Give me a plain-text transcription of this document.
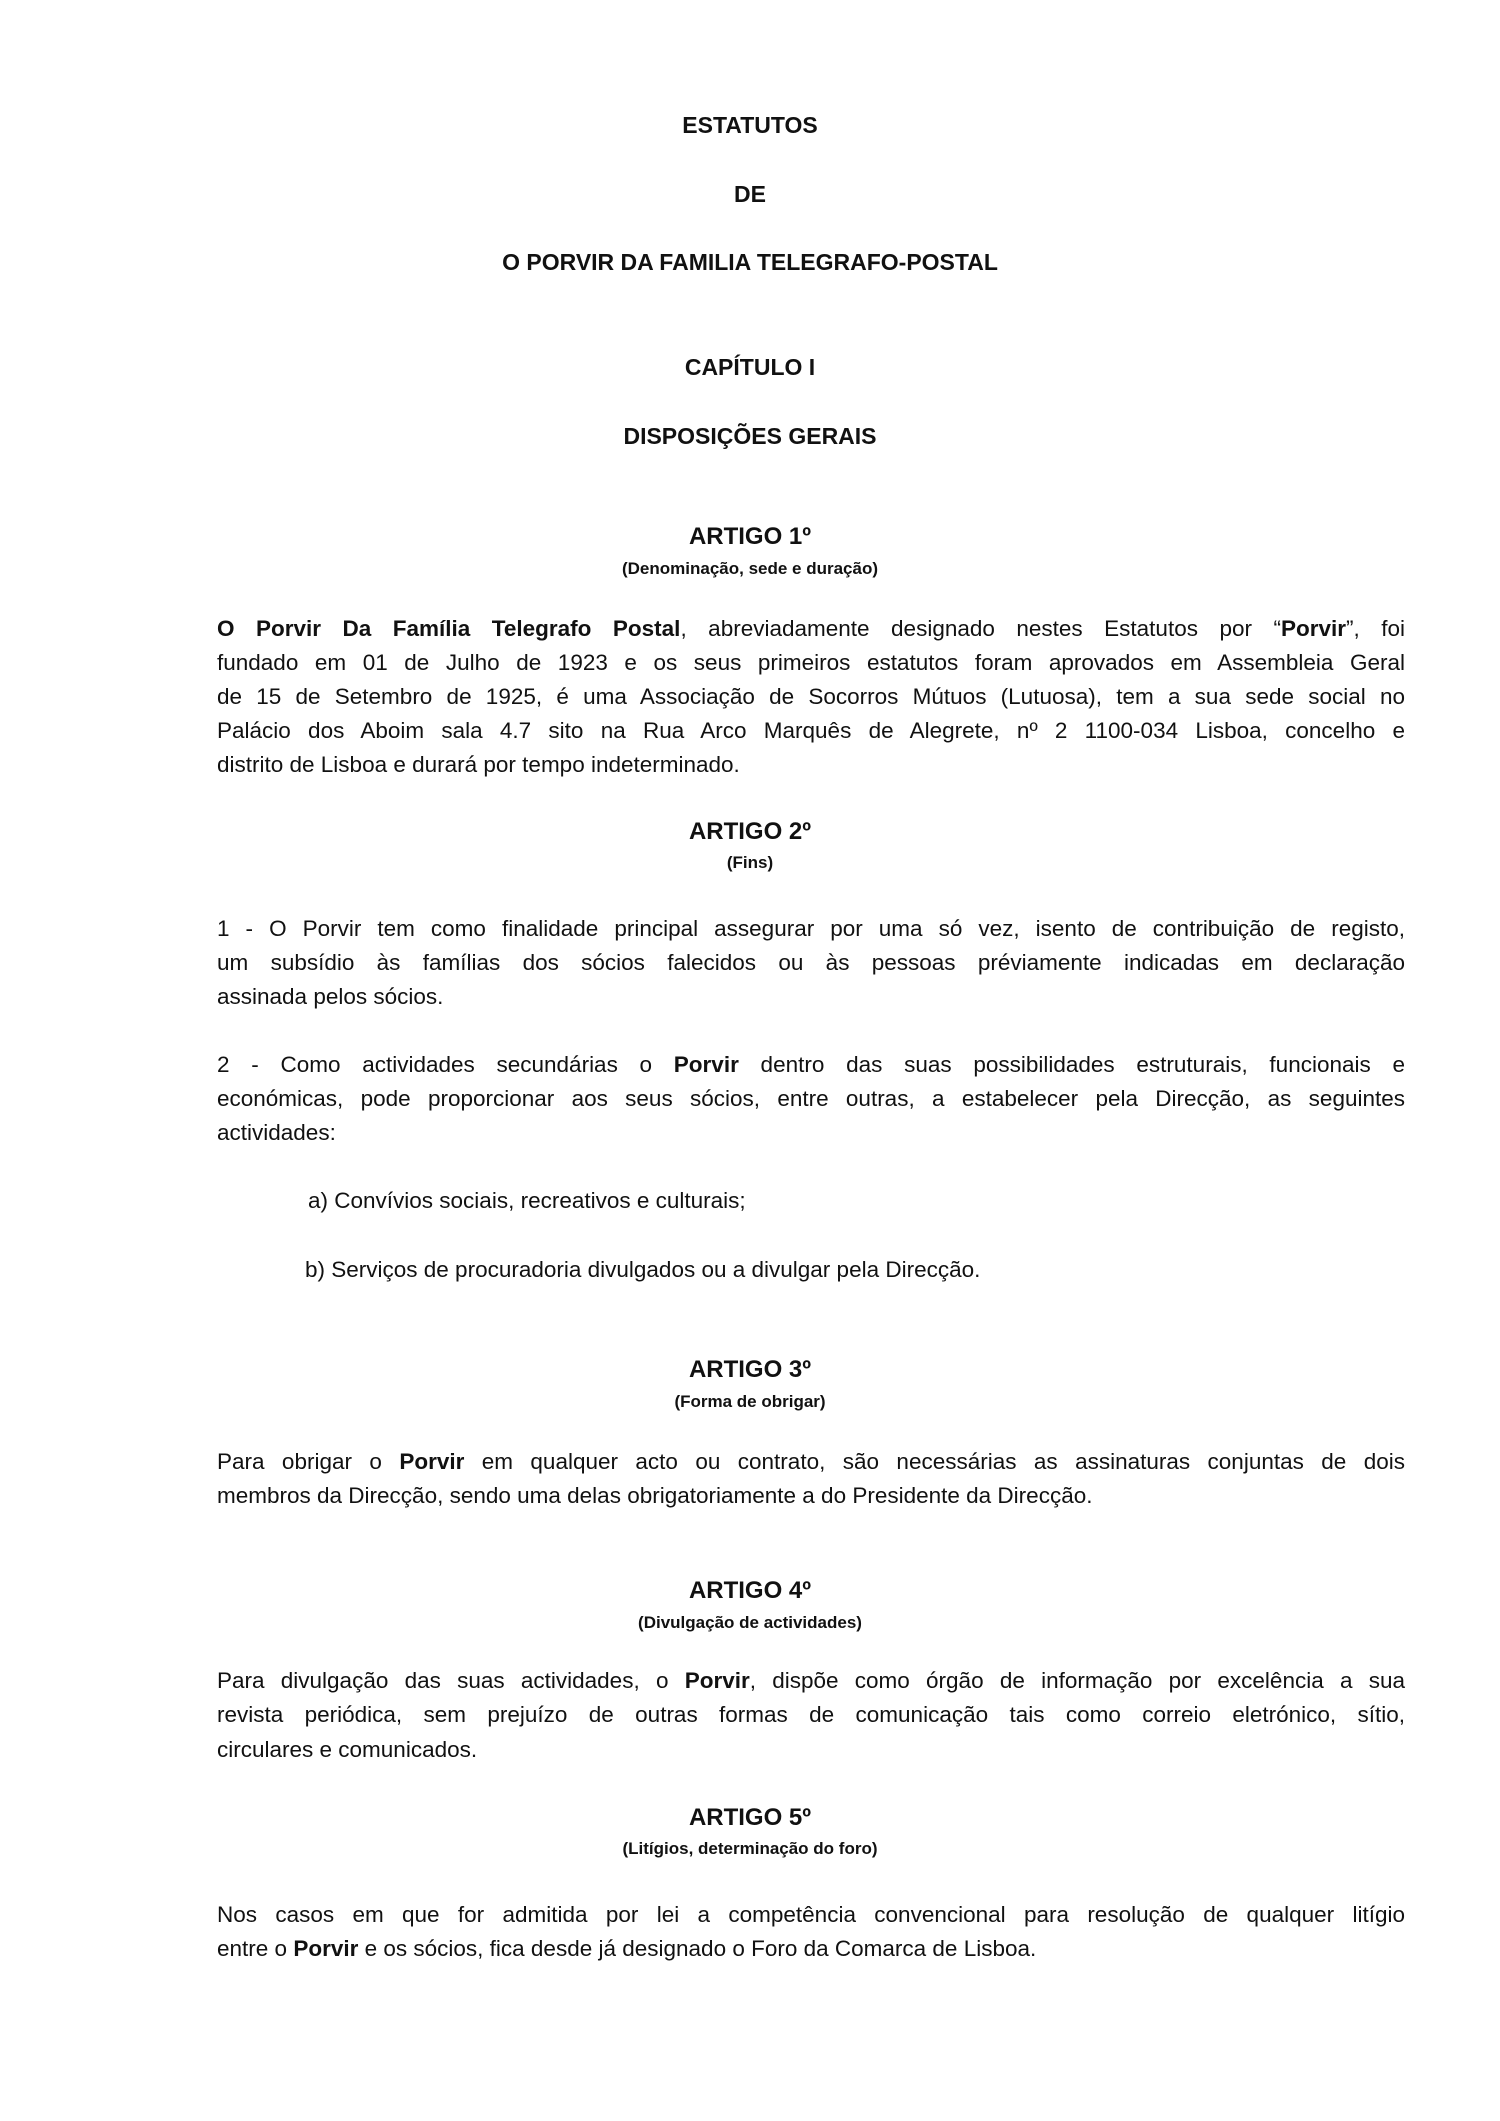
ESTATUTOS
DE
O PORVIR DA FAMILIA TELEGRAFO-POSTAL
CAPÍTULO I
DISPOSIÇÕES GERAIS
ARTIGO 1º
(Denominação, sede e duração)
O Porvir Da Família Telegrafo Postal, abreviadamente designado nestes Estatutos por “Porvir”, foi
fundado em 01 de Julho de 1923 e os seus primeiros estatutos foram aprovados em Assembleia Geral
de 15 de Setembro de 1925, é uma Associação de Socorros Mútuos (Lutuosa), tem a sua sede social no
Palácio dos Aboim sala 4.7 sito na Rua Arco Marquês de Alegrete, nº 2 1100-034 Lisboa, concelho e
distrito de Lisboa e durará por tempo indeterminado.
ARTIGO 2º
(Fins)
1 - O Porvir tem como finalidade principal assegurar por uma só vez, isento de contribuição de registo,
um subsídio às famílias dos sócios falecidos ou às pessoas préviamente indicadas em declaração
assinada pelos sócios.
2 - Como actividades secundárias o Porvir dentro das suas possibilidades estruturais, funcionais e
económicas, pode proporcionar aos seus sócios, entre outras, a estabelecer pela Direcção, as seguintes
actividades:
a) Convívios sociais, recreativos e culturais;
b) Serviços de procuradoria divulgados ou a divulgar pela Direcção.
ARTIGO 3º
(Forma de obrigar)
Para obrigar o Porvir em qualquer acto ou contrato, são necessárias as assinaturas conjuntas de dois
membros da Direcção, sendo uma delas obrigatoriamente a do Presidente da Direcção.
ARTIGO 4º
(Divulgação de actividades)
Para divulgação das suas actividades, o Porvir, dispõe como órgão de informação por excelência a sua
revista periódica, sem prejuízo de outras formas de comunicação tais como correio eletrónico, sítio,
circulares e comunicados.
ARTIGO 5º
(Litígios, determinação do foro)
Nos casos em que for admitida por lei a competência convencional para resolução de qualquer litígio
entre o Porvir e os sócios, fica desde já designado o Foro da Comarca de Lisboa.
